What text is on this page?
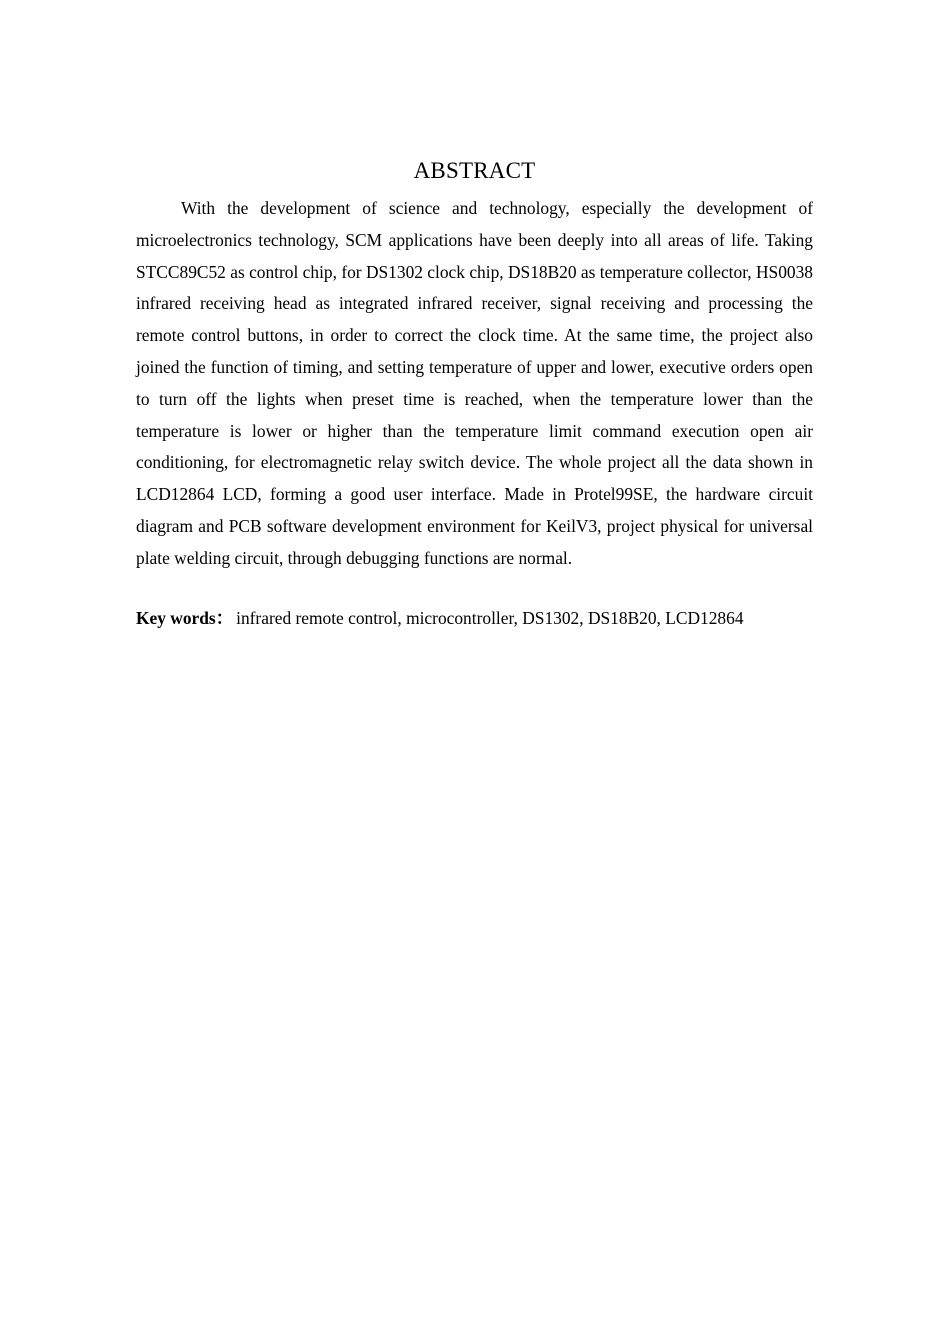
ABSTRACT

With the development of science and technology, especially the development of microelectronics technology, SCM applications have been deeply into all areas of life. Taking STCC89C52 as control chip, for DS1302 clock chip, DS18B20 as temperature collector, HS0038 infrared receiving head as integrated infrared receiver, signal receiving and processing the remote control buttons, in order to correct the clock time. At the same time, the project also joined the function of timing, and setting temperature of upper and lower, executive orders open to turn off the lights when preset time is reached, when the temperature lower than the temperature is lower or higher than the temperature limit command execution open air conditioning, for electromagnetic relay switch device. The whole project all the data shown in LCD12864 LCD, forming a good user interface. Made in Protel99SE, the hardware circuit diagram and PCB software development environment for KeilV3, project physical for universal plate welding circuit, through debugging functions are normal.

Key words： infrared remote control, microcontroller, DS1302, DS18B20, LCD12864
